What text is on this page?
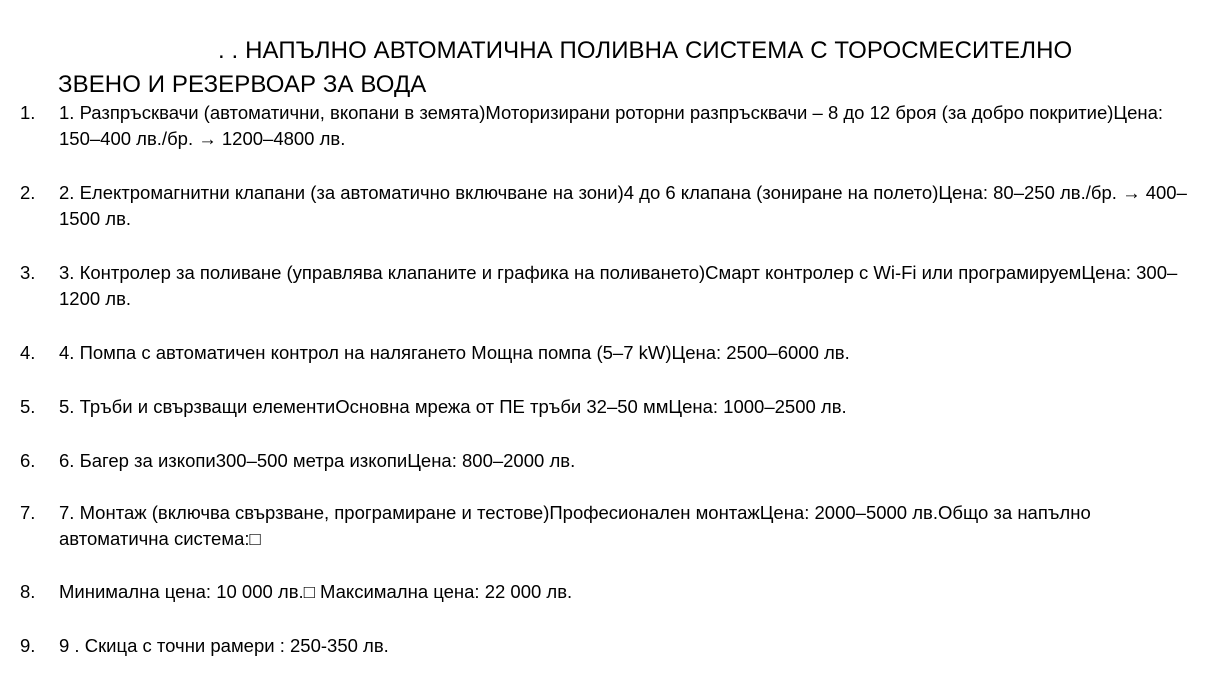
. . НАПЪЛНО АВТОМАТИЧНА ПОЛИВНА СИСТЕМА С ТОРОСМЕСИТЕЛНО ЗВЕНО И РЕЗЕРВОАР ЗА ВОДА
1. 1. Разпръсквачи (автоматични, вкопани в земята)Моторизирани роторни разпръсквачи – 8 до 12 броя (за добро покритие)Цена: 150–400 лв./бр. → 1200–4800 лв.
2. 2. Електромагнитни клапани (за автоматично включване на зони)4 до 6 клапана (зониране на полето)Цена: 80–250 лв./бр. → 400–1500 лв.
3. 3. Контролер за поливане (управлява клапаните и графика на поливането)Смарт контролер с Wi-Fi или програмируемЦена: 300–1200 лв.
4. 4. Помпа с автоматичен контрол на налягането Мощна помпа (5–7 kW)Цена: 2500–6000 лв.
5. 5. Тръби и свързващи елементиОсновна мрежа от ПЕ тръби 32–50 ммЦена: 1000–2500 лв.
6. 6. Багер за изкопи300–500 метра изкопиЦена: 800–2000 лв.
7. 7. Монтаж (включва свързване, програмиране и тестове)Професионален монтажЦена: 2000–5000 лв.Общо за напълно автоматична система:□
8. Минимална цена: 10 000 лв.□ Максимална цена: 22 000 лв.
9. 9 . Скица с точни рамери : 250-350 лв.
